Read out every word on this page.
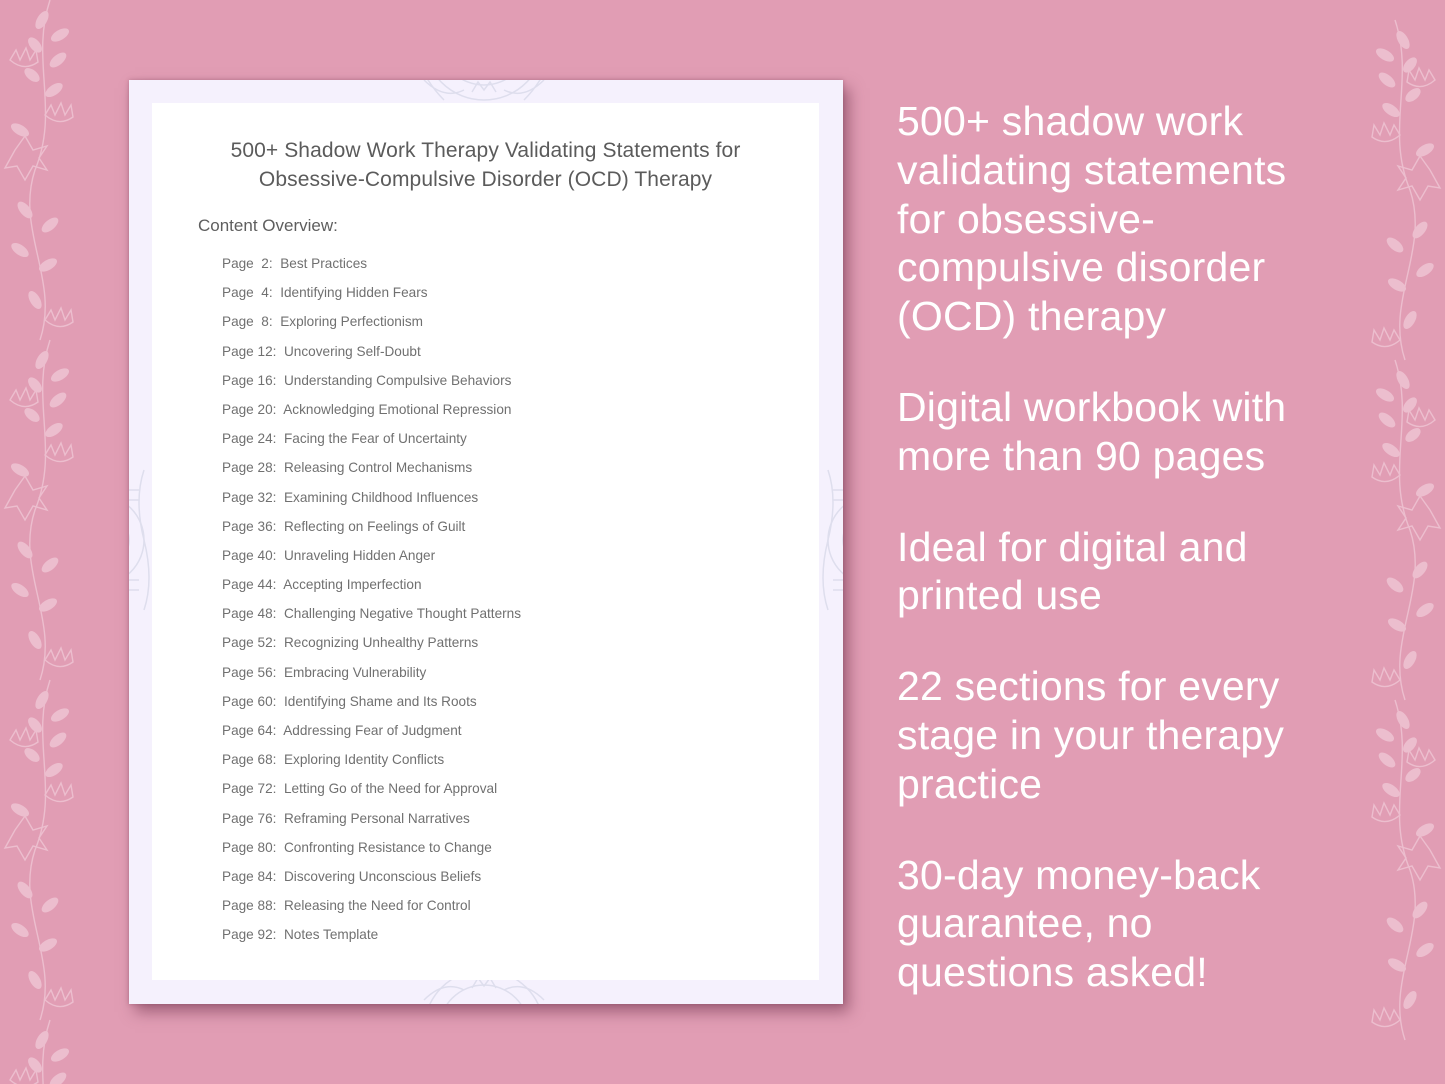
500+ Shadow Work Therapy Validating Statements for
Obsessive-Compulsive Disorder (OCD) Therapy
Content Overview:
Page  2: Best Practices
Page  4: Identifying Hidden Fears
Page  8: Exploring Perfectionism
Page 12: Uncovering Self-Doubt
Page 16: Understanding Compulsive Behaviors
Page 20: Acknowledging Emotional Repression
Page 24: Facing the Fear of Uncertainty
Page 28: Releasing Control Mechanisms
Page 32: Examining Childhood Influences
Page 36: Reflecting on Feelings of Guilt
Page 40: Unraveling Hidden Anger
Page 44: Accepting Imperfection
Page 48: Challenging Negative Thought Patterns
Page 52: Recognizing Unhealthy Patterns
Page 56: Embracing Vulnerability
Page 60: Identifying Shame and Its Roots
Page 64: Addressing Fear of Judgment
Page 68: Exploring Identity Conflicts
Page 72: Letting Go of the Need for Approval
Page 76: Reframing Personal Narratives
Page 80: Confronting Resistance to Change
Page 84: Discovering Unconscious Beliefs
Page 88: Releasing the Need for Control
Page 92: Notes Template
500+ shadow work
validating statements
for obsessive-
compulsive disorder
(OCD) therapy
Digital workbook with
more than 90 pages
Ideal for digital and
printed use
22 sections for every
stage in your therapy
practice
30-day money-back
guarantee, no
questions asked!
